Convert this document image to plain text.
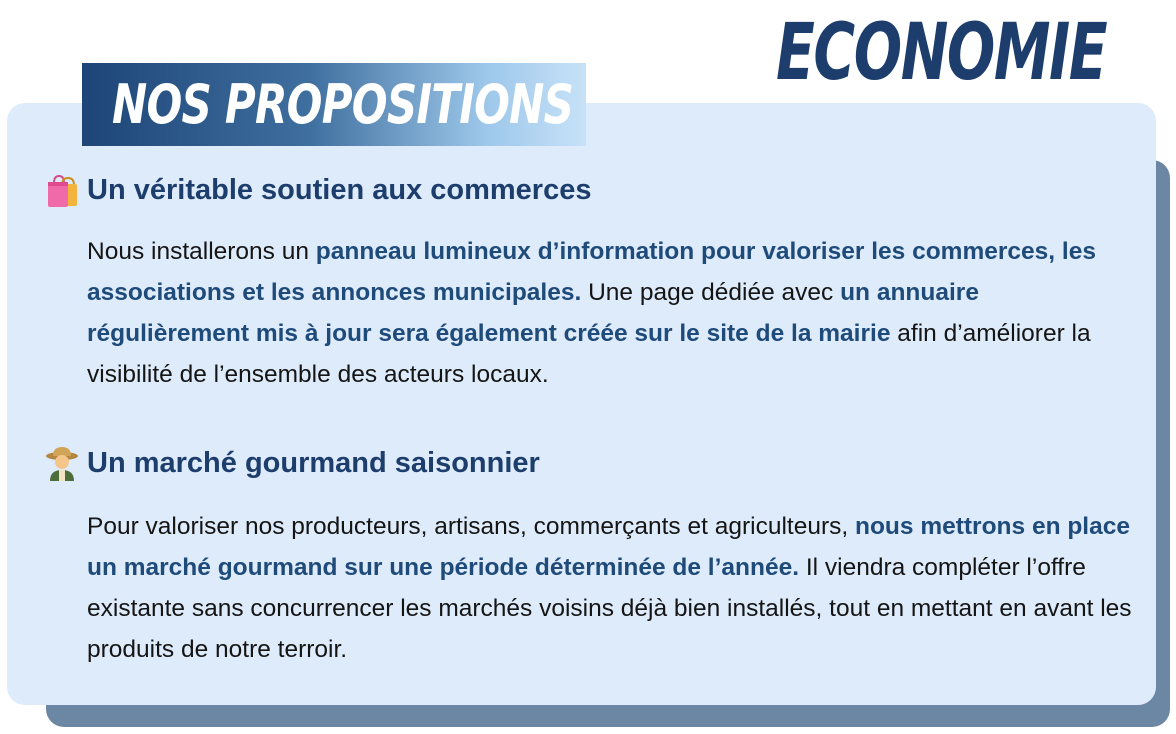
ECONOMIE
NOS PROPOSITIONS
Un véritable soutien aux commerces
Nous installerons un panneau lumineux d’information pour valoriser les commerces, les associations et les annonces municipales. Une page dédiée avec un annuaire régulièrement mis à jour sera également créée sur le site de la mairie afin d’améliorer la visibilité de l’ensemble des acteurs locaux.
Un marché gourmand saisonnier
Pour valoriser nos producteurs, artisans, commerçants et agriculteurs, nous mettrons en place un marché gourmand sur une période déterminée de l’année. Il viendra compléter l’offre existante sans concurrencer les marchés voisins déjà bien installés, tout en mettant en avant les produits de notre terroir.
